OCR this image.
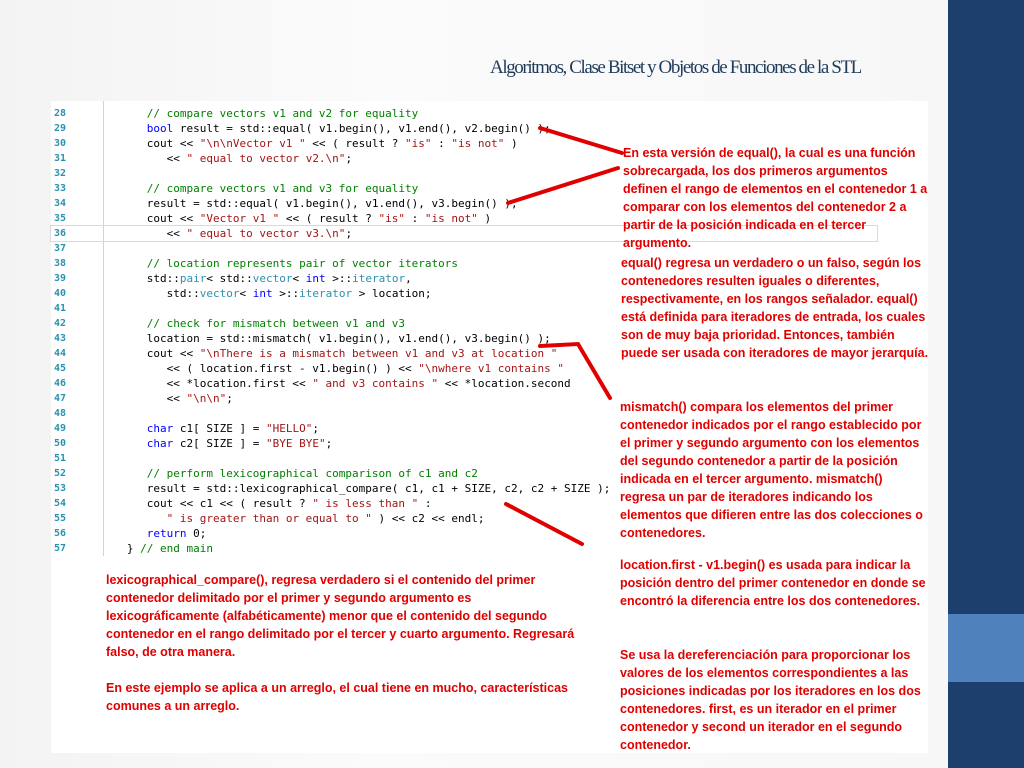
Algoritmos, Clase Bitset y Objetos de Funciones de la STL
28	// compare vectors v1 and v2 for equality
29	bool result = std::equal( v1.begin(), v1.end(), v2.begin() );
30	cout << "\n\nVector v1 " << ( result ? "is" : "is not" )
31	<< " equal to vector v2.\n";
32
33	// compare vectors v1 and v3 for equality
34	result = std::equal( v1.begin(), v1.end(), v3.begin() );
35	cout << "Vector v1 " << ( result ? "is" : "is not" )
36	<< " equal to vector v3.\n";
37
38	// location represents pair of vector iterators
39	std::pair< std::vector< int >::iterator,
40	std::vector< int >::iterator > location;
41
42	// check for mismatch between v1 and v3
43	location = std::mismatch( v1.begin(), v1.end(), v3.begin() );
44	cout << "\nThere is a mismatch between v1 and v3 at location "
45	<< ( location.first - v1.begin() ) << "\nwhere v1 contains "
46	<< *location.first << " and v3 contains " << *location.second
47	<< "\n\n";
48
49	char c1[ SIZE ] = "HELLO";
50	char c2[ SIZE ] = "BYE BYE";
51
52	// perform lexicographical comparison of c1 and c2
53	result = std::lexicographical_compare( c1, c1 + SIZE, c2, c2 + SIZE );
54	cout << c1 << ( result ? " is less than " :
55	" is greater than or equal to " ) << c2 << endl;
56	return 0;
57	} // end main
En esta versión de equal(), la cual es una función sobrecargada, los dos primeros argumentos definen el rango de elementos en el contenedor 1 a comparar con los elementos del contenedor 2 a partir de la posición indicada en el tercer argumento.
equal() regresa un verdadero o un falso, según los contenedores resulten iguales o diferentes, respectivamente, en los rangos señalador. equal() está definida para iteradores de entrada, los cuales son de muy baja prioridad. Entonces, también puede ser usada con iteradores de mayor jerarquía.
mismatch() compara los elementos del primer contenedor indicados por el rango establecido por el primer y segundo argumento con los elementos del segundo contenedor a partir de la posición indicada en el tercer argumento. mismatch() regresa un par de iteradores indicando los elementos que difieren entre las dos colecciones o contenedores.
location.first - v1.begin() es usada para indicar la posición dentro del primer contenedor en donde se encontró la diferencia entre los dos contenedores.
Se usa la dereferenciación para proporcionar los valores de los elementos correspondientes a las posiciones indicadas por los iteradores en los dos contenedores. first, es un iterador en el primer contenedor y second un iterador en el segundo contenedor.
lexicographical_compare(), regresa verdadero si el contenido del primer contenedor delimitado por el primer y segundo argumento es lexicográficamente (alfabéticamente) menor que el contenido del segundo contenedor en el rango delimitado por el tercer y cuarto argumento. Regresará falso, de otra manera.
En este ejemplo se aplica a un arreglo, el cual tiene en mucho, características comunes a un arreglo.
